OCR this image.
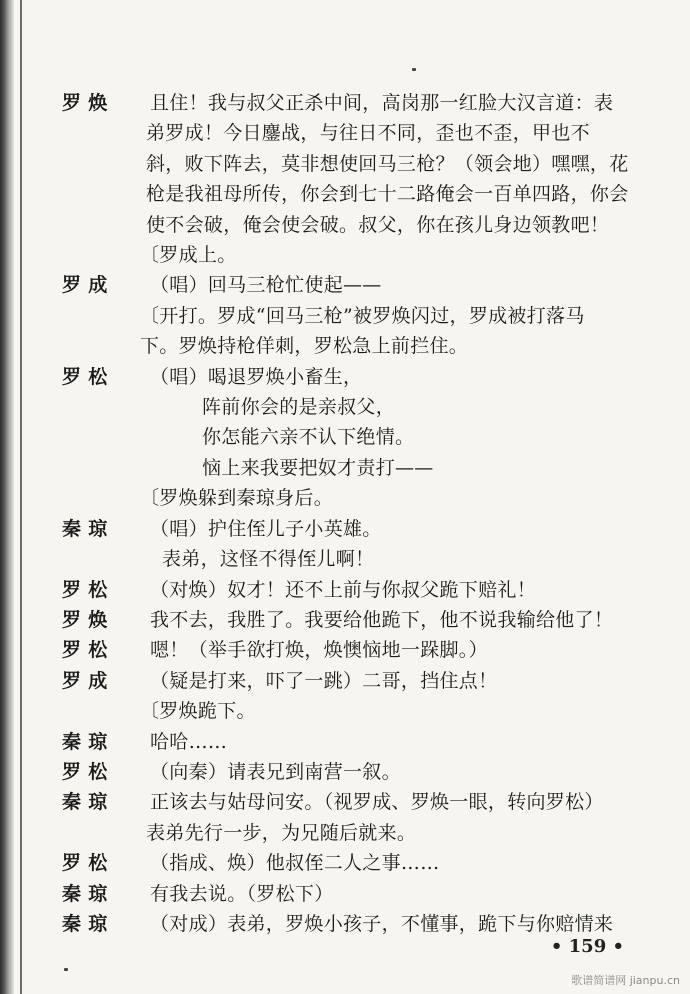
罗 焕	且住！我与叔父正杀中间，高岗那一红脸大汉言道：表
弟罗成！今日鏖战，与往日不同，歪也不歪，甲也不
斜，败下阵去，莫非想使回马三枪？（领会地）嘿嘿，花
枪是我祖母所传，你会到七十二路俺会一百单四路，你会
使不会破，俺会使会破。叔父，你在孩儿身边领教吧！
〔罗成上。
罗 成	（唱）回马三枪忙使起——
〔开打。罗成“回马三枪”被罗焕闪过，罗成被打落马
下。罗焕持枪佯刺，罗松急上前拦住。
罗 松	（唱）喝退罗焕小畜生，
阵前你会的是亲叔父，
你怎能六亲不认下绝情。
恼上来我要把奴才责打——
〔罗焕躲到秦琼身后。
秦 琼	（唱）护住侄儿子小英雄。
表弟，这怪不得侄儿啊！
罗 松	（对焕）奴才！还不上前与你叔父跪下赔礼！
罗 焕	我不去，我胜了。我要给他跪下，他不说我输给他了！
罗 松	嗯！（举手欲打焕，焕懊恼地一跺脚。）
罗 成	（疑是打来，吓了一跳）二哥，挡住点！
〔罗焕跪下。
秦 琼	哈哈……
罗 松	（向秦）请表兄到南营一叙。
秦 琼	正该去与姑母问安。（视罗成、罗焕一眼，转向罗松）
表弟先行一步，为兄随后就来。
罗 松	（指成、焕）他叔侄二人之事……
秦 琼	有我去说。（罗松下）
秦 琼	（对成）表弟，罗焕小孩子，不懂事，跪下与你赔情来
• 159 •
歌谱简谱网 jianpu.cn
